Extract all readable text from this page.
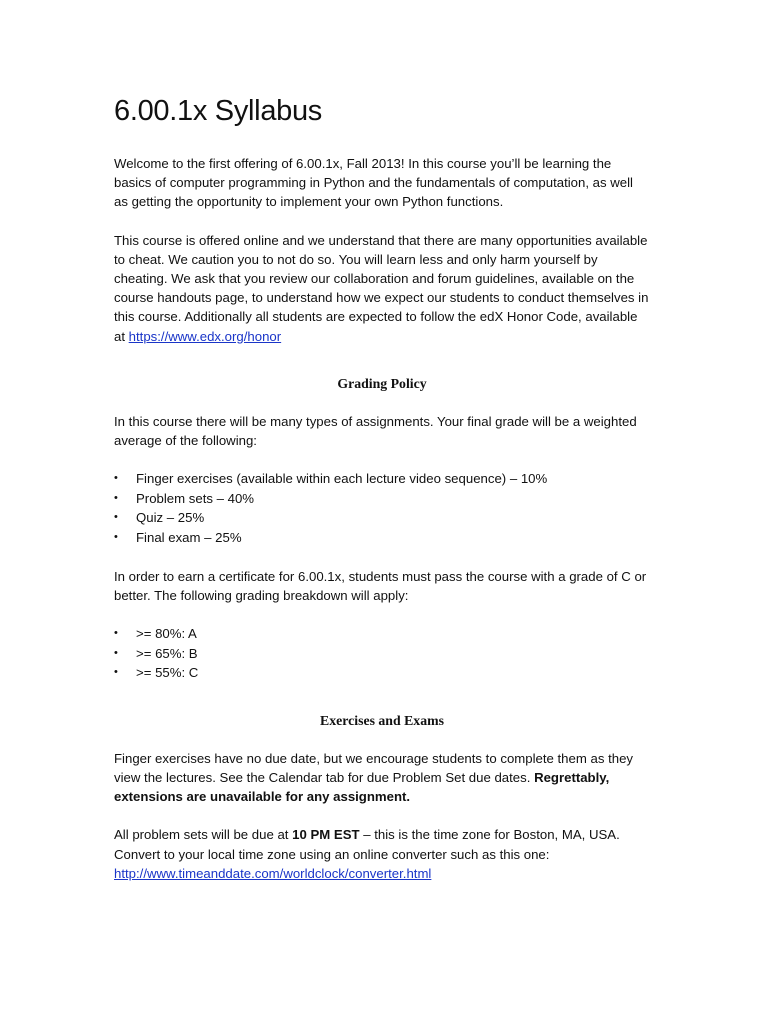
6.00.1x Syllabus

Welcome to the first offering of 6.00.1x, Fall 2013! In this course you’ll be learning the basics of computer programming in Python and the fundamentals of computation, as well as getting the opportunity to implement your own Python functions.

This course is offered online and we understand that there are many opportunities available to cheat. We caution you to not do so. You will learn less and only harm yourself by cheating. We ask that you review our collaboration and forum guidelines, available on the course handouts page, to understand how we expect our students to conduct themselves in this course. Additionally all students are expected to follow the edX Honor Code, available at https://www.edx.org/honor

Grading Policy

In this course there will be many types of assignments. Your final grade will be a weighted average of the following:

• Finger exercises (available within each lecture video sequence) – 10%
• Problem sets – 40%
• Quiz – 25%
• Final exam – 25%

In order to earn a certificate for 6.00.1x, students must pass the course with a grade of C or better. The following grading breakdown will apply:

• >= 80%: A
• >= 65%: B
• >= 55%: C
Exercises and Exams

Finger exercises have no due date, but we encourage students to complete them as they view the lectures. See the Calendar tab for due Problem Set due dates. Regrettably, extensions are unavailable for any assignment.

All problem sets will be due at 10 PM EST – this is the time zone for Boston, MA, USA. Convert to your local time zone using an online converter such as this one: http://www.timeanddate.com/worldclock/converter.html
